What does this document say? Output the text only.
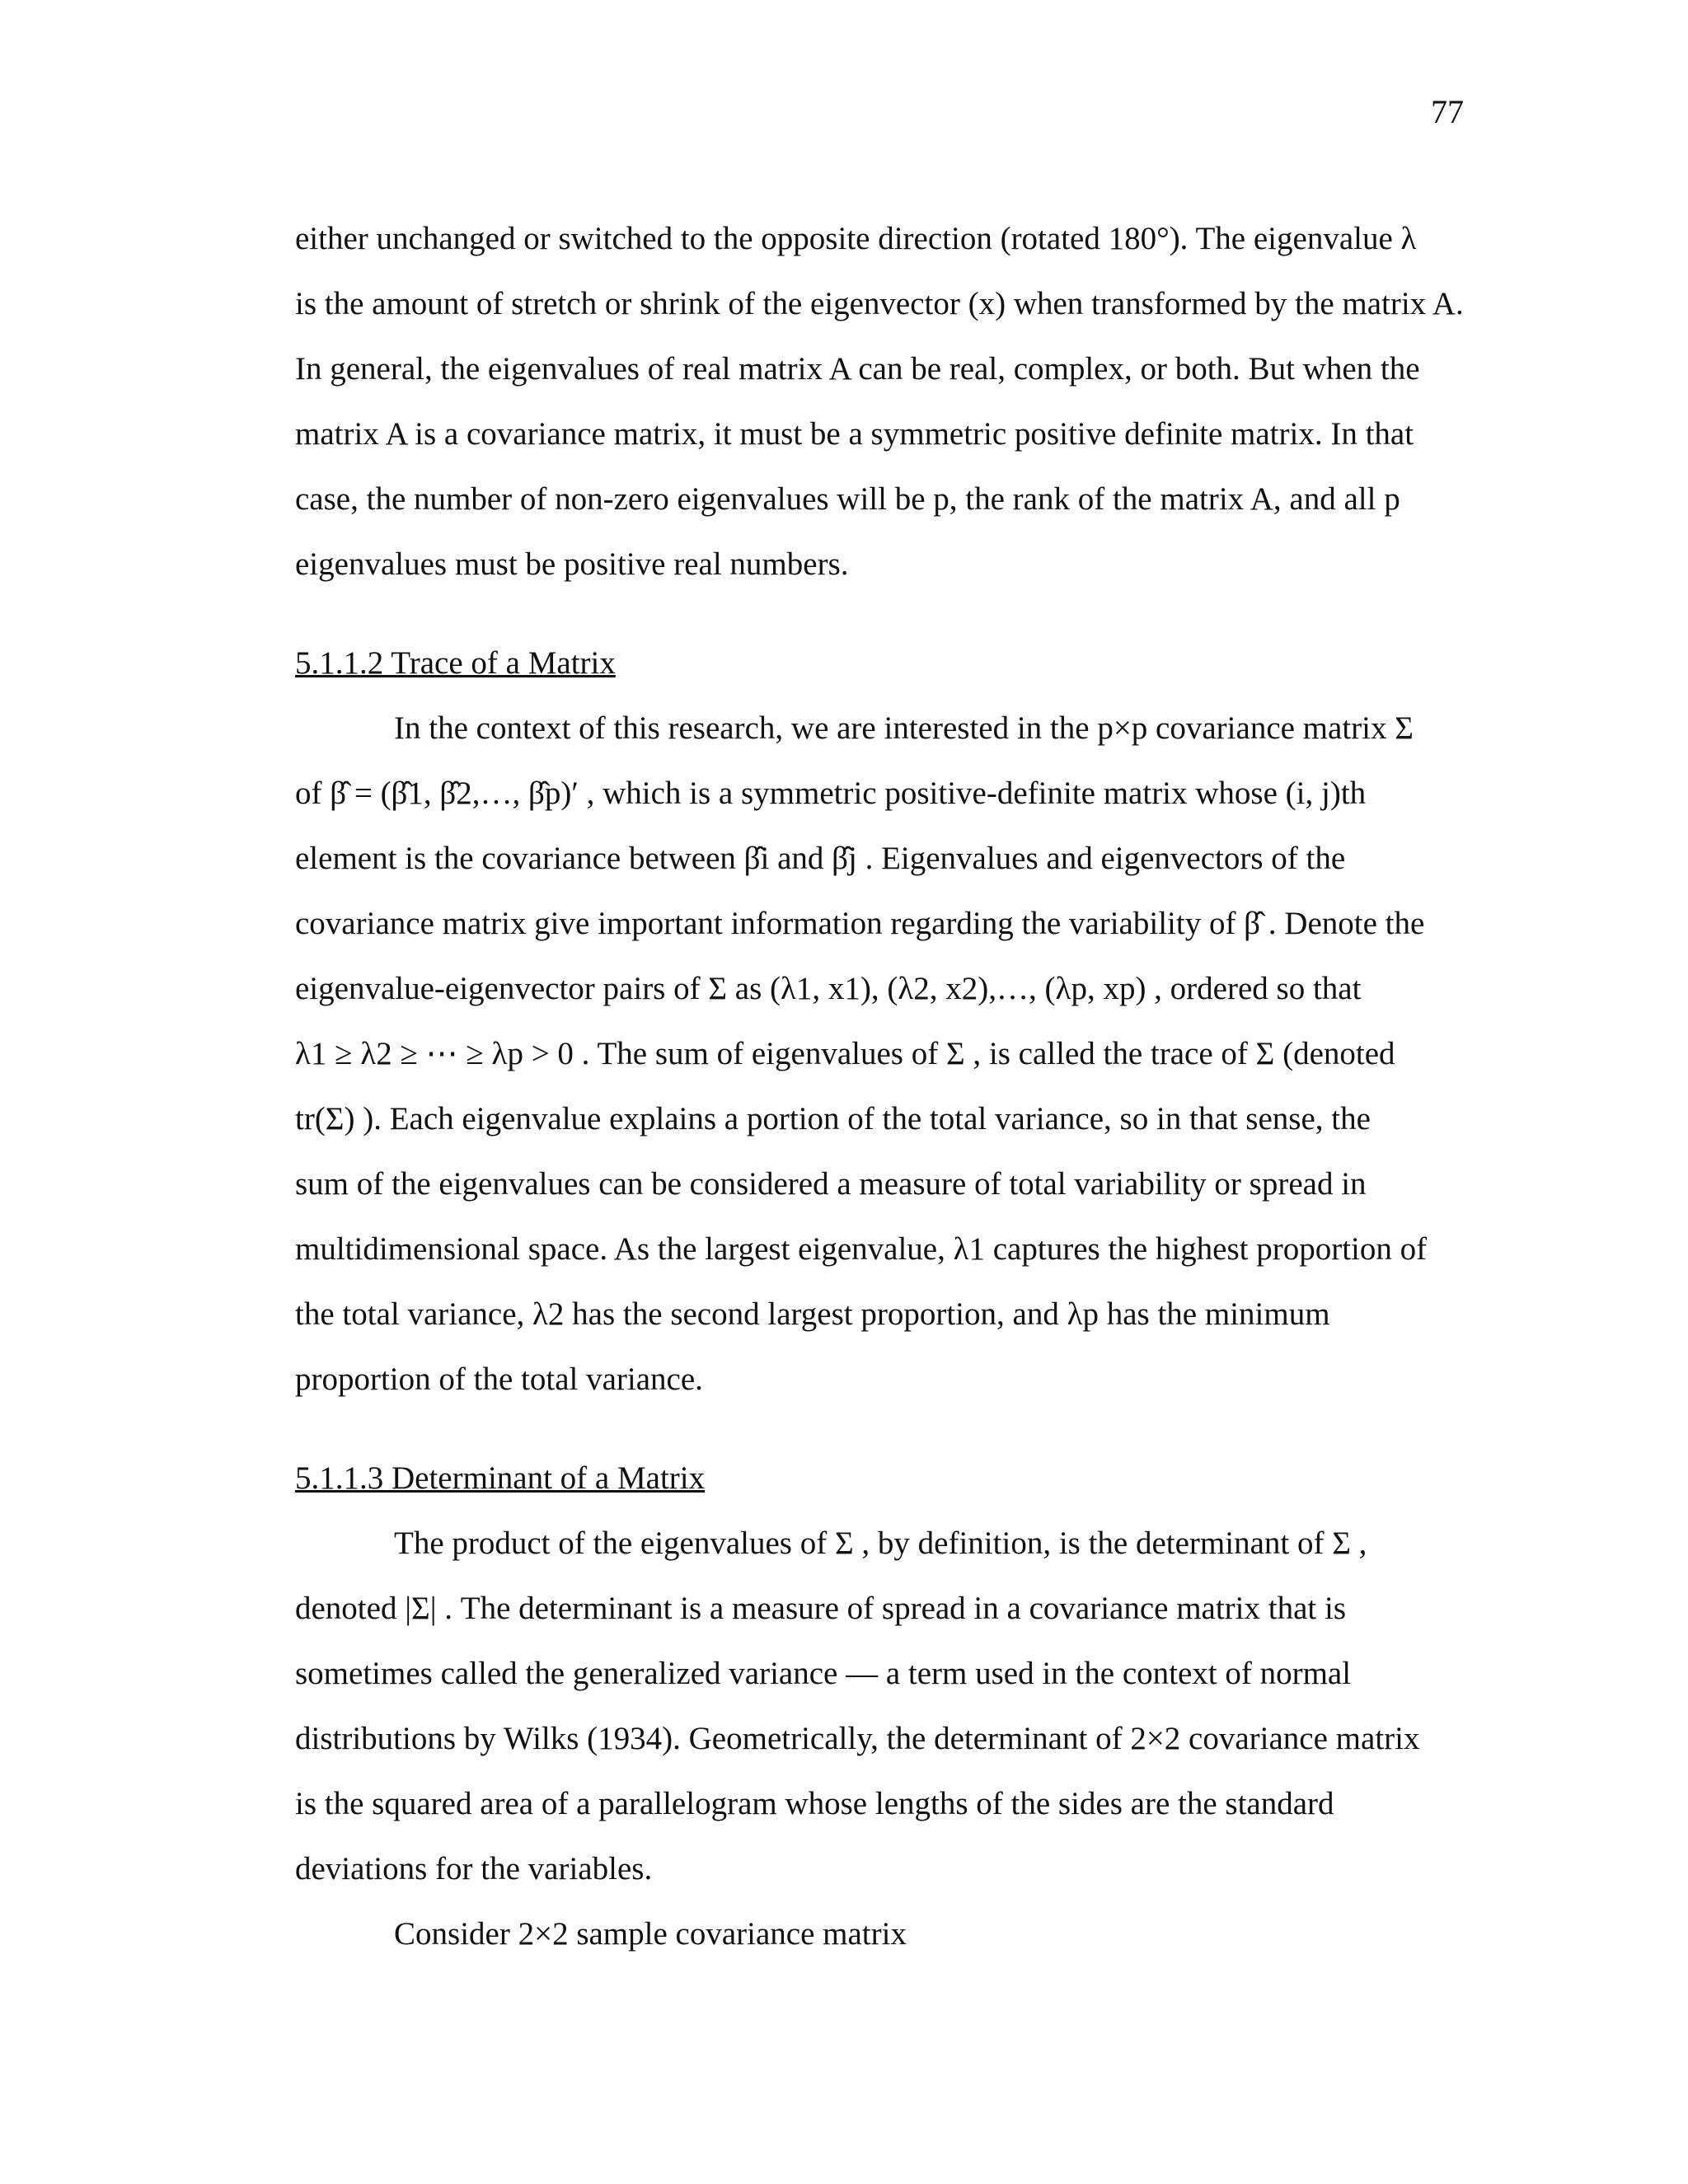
77
either unchanged or switched to the opposite direction (rotated 180°). The eigenvalue λ
is the amount of stretch or shrink of the eigenvector (x) when transformed by the matrix A.
In general, the eigenvalues of real matrix A can be real, complex, or both. But when the
matrix A is a covariance matrix, it must be a symmetric positive definite matrix. In that
case, the number of non-zero eigenvalues will be p, the rank of the matrix A, and all p
eigenvalues must be positive real numbers.
5.1.1.2 Trace of a Matrix
In the context of this research, we are interested in the p×p covariance matrix Σ
of β̂ = (β̂1, β̂2,…, β̂p)′ , which is a symmetric positive-definite matrix whose (i, j)th
element is the covariance between β̂i and β̂j . Eigenvalues and eigenvectors of the
covariance matrix give important information regarding the variability of β̂ . Denote the
eigenvalue-eigenvector pairs of Σ as (λ1, x1), (λ2, x2),…, (λp, xp) , ordered so that
λ1 ≥ λ2 ≥ ⋯ ≥ λp > 0 . The sum of eigenvalues of Σ , is called the trace of Σ (denoted
tr(Σ) ). Each eigenvalue explains a portion of the total variance, so in that sense, the
sum of the eigenvalues can be considered a measure of total variability or spread in
multidimensional space. As the largest eigenvalue, λ1 captures the highest proportion of
the total variance, λ2 has the second largest proportion, and λp has the minimum
proportion of the total variance.
5.1.1.3 Determinant of a Matrix
The product of the eigenvalues of Σ , by definition, is the determinant of Σ ,
denoted |Σ| . The determinant is a measure of spread in a covariance matrix that is
sometimes called the generalized variance — a term used in the context of normal
distributions by Wilks (1934). Geometrically, the determinant of 2×2 covariance matrix
is the squared area of a parallelogram whose lengths of the sides are the standard
deviations for the variables.
Consider 2×2 sample covariance matrix
